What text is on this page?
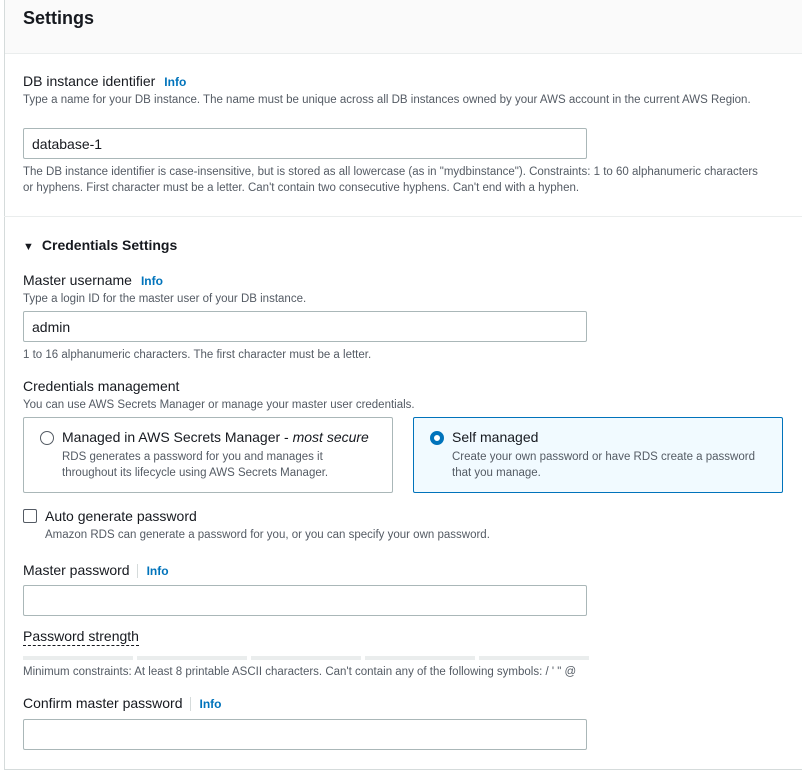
Settings
DB instance identifier Info
Type a name for your DB instance. The name must be unique across all DB instances owned by your AWS account in the current AWS Region.
database-1
The DB instance identifier is case-insensitive, but is stored as all lowercase (as in "mydbinstance"). Constraints: 1 to 60 alphanumeric characters or hyphens. First character must be a letter. Can't contain two consecutive hyphens. Can't end with a hyphen.
▼ Credentials Settings
Master username Info
Type a login ID for the master user of your DB instance.
admin
1 to 16 alphanumeric characters. The first character must be a letter.
Credentials management
You can use AWS Secrets Manager or manage your master user credentials.
Managed in AWS Secrets Manager - most secure
RDS generates a password for you and manages it
throughout its lifecycle using AWS Secrets Manager.
Self managed
Create your own password or have RDS create a password
that you manage.
Auto generate password
Amazon RDS can generate a password for you, or you can specify your own password.
Master password Info
Password strength
Minimum constraints: At least 8 printable ASCII characters. Can't contain any of the following symbols: / ' " @
Confirm master password Info
